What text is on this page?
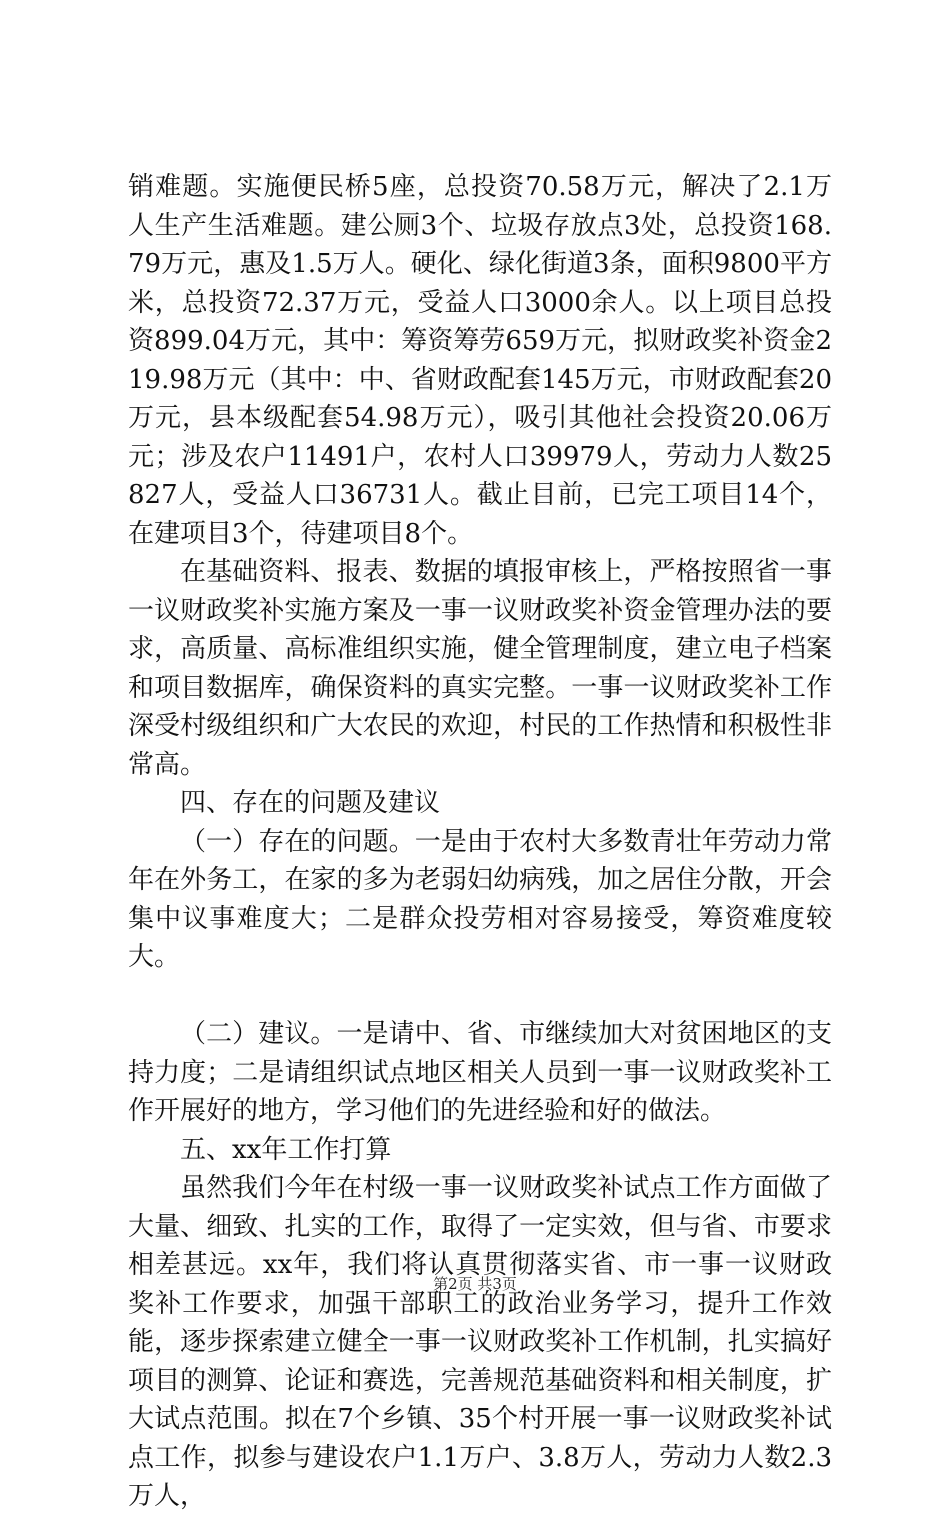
销难题。实施便民桥5座，总投资70.58万元，解决了2.1万人生产生活难题。建公厕3个、垃圾存放点3处，总投资168.79万元，惠及1.5万人。硬化、绿化街道3条，面积9800平方米，总投资72.37万元，受益人口3000余人。以上项目总投资899.04万元，其中：筹资筹劳659万元，拟财政奖补资金219.98万元（其中：中、省财政配套145万元，市财政配套20万元，县本级配套54.98万元），吸引其他社会投资20.06万元；涉及农户11491户，农村人口39979人，劳动力人数25827人，受益人口36731人。截止目前，已完工项目14个，在建项目3个，待建项目8个。

在基础资料、报表、数据的填报审核上，严格按照省一事一议财政奖补实施方案及一事一议财政奖补资金管理办法的要求，高质量、高标准组织实施，健全管理制度，建立电子档案和项目数据库，确保资料的真实完整。一事一议财政奖补工作深受村级组织和广大农民的欢迎，村民的工作热情和积极性非常高。

四、存在的问题及建议

（一）存在的问题。一是由于农村大多数青壮年劳动力常年在外务工，在家的多为老弱妇幼病残，加之居住分散，开会集中议事难度大；二是群众投劳相对容易接受，筹资难度较大。

（二）建议。一是请中、省、市继续加大对贫困地区的支持力度；二是请组织试点地区相关人员到一事一议财政奖补工作开展好的地方，学习他们的先进经验和好的做法。

五、xx年工作打算

虽然我们今年在村级一事一议财政奖补试点工作方面做了大量、细致、扎实的工作，取得了一定实效，但与省、市要求相差甚远。xx年，我们将认真贯彻落实省、市一事一议财政奖补工作要求，加强干部职工的政治业务学习，提升工作效能，逐步探索建立健全一事一议财政奖补工作机制，扎实搞好项目的测算、论证和赛选，完善规范基础资料和相关制度，扩大试点范围。拟在7个乡镇、35个村开展一事一议财政奖补试点工作，拟参与建设农户1.1万户、3.8万人，劳动力人数2.3万人，

第2页 共3页
